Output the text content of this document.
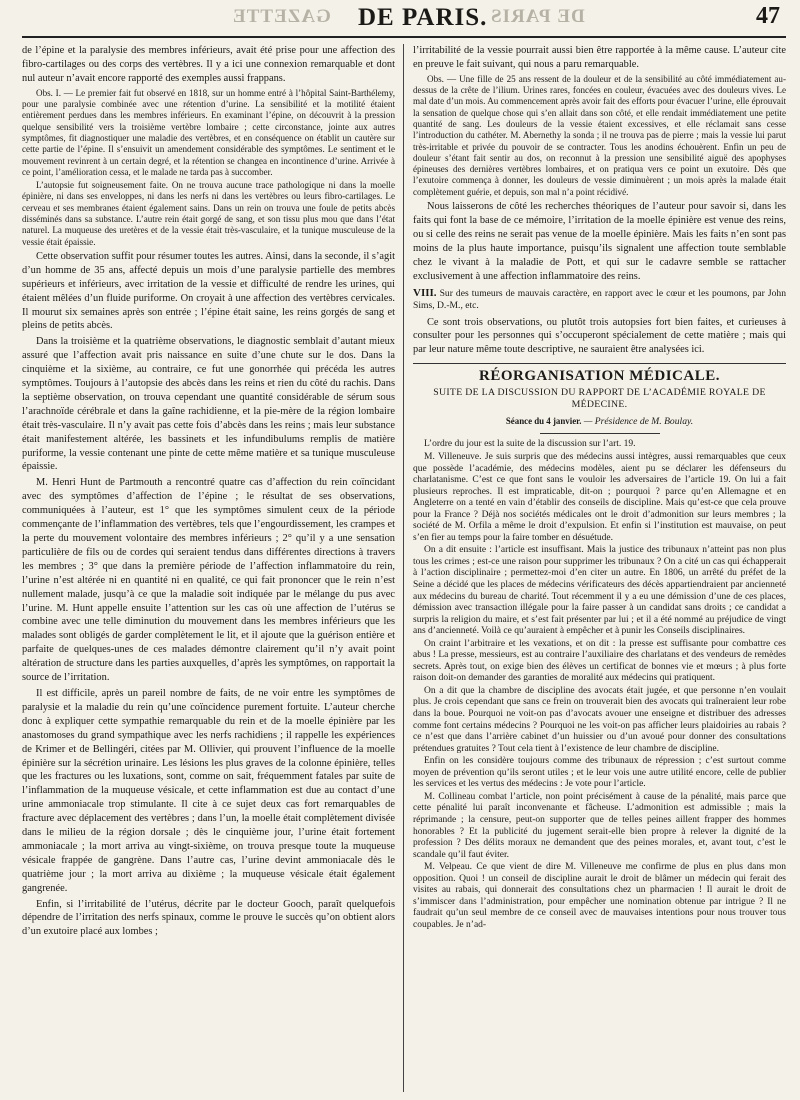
GAZETTE DE PARIS. DE PARIS	47

de l’épine et la paralysie des membres inférieurs, avait été prise pour une affection des fibro-cartilages ou des corps des vertèbres. Il y a ici une connexion remarquable et dont nul auteur n’avait encore rapporté des exemples aussi frappans.

Obs. I. — Le premier fait fut observé en 1818, sur un homme entré à l’hôpital Saint-Barthélemy, pour une paralysie combinée avec une rétention d’urine. La sensibilité et la motilité étaient entièrement perdues dans les membres inférieurs. En examinant l’épine, on découvrit à la pression quelque sensibilité vers la troisième vertèbre lombaire ; cette circonstance, jointe aux autres symptômes, fit diagnostiquer une maladie des vertèbres, et en conséquence on établit un cautère sur cette partie de l’épine. Il s’ensuivit un amendement considérable des symptômes. Le sentiment et le mouvement revinrent à un certain degré, et la rétention se changea en incontinence d’urine. Arrivée à ce point, l’amélioration cessa, et le malade ne tarda pas à succomber.

L’autopsie fut soigneusement faite. On ne trouva aucune trace pathologique ni dans la moelle épinière, ni dans ses enveloppes, ni dans les nerfs ni dans les vertèbres ou leurs fibro-cartilages. Le cerveau et ses membranes étaient également sains. Dans un rein on trouva une foule de petits abcès disséminés dans sa substance. L’autre rein était gorgé de sang, et son tissu plus mou que dans l’état naturel. La muqueuse des uretères et de la vessie était très-vasculaire, et la tunique musculeuse de la vessie était épaissie.

Cette observation suffit pour résumer toutes les autres. Ainsi, dans la seconde, il s’agit d’un homme de 35 ans, affecté depuis un mois d’une paralysie partielle des membres supérieurs et inférieurs, avec irritation de la vessie et difficulté de rendre les urines, qui étaient mêlées d’un fluide puriforme. On croyait à une affection des vertèbres cervicales. Il mourut six semaines après son entrée ; l’épine était saine, les reins gorgés de sang et pleins de petits abcès.

Dans la troisième et la quatrième observations, le diagnostic semblait d’autant mieux assuré que l’affection avait pris naissance en suite d’une chute sur le dos. Dans la cinquième et la sixième, au contraire, ce fut une gonorrhée qui précéda les autres symptômes. Toujours à l’autopsie des abcès dans les reins et rien du côté du rachis. Dans la septième observation, on trouva cependant une quantité considérable de sérum sous l’arachnoïde cérébrale et dans la gaîne rachidienne, et la pie-mère de la région lombaire était très-vasculaire. Il n’y avait pas cette fois d’abcès dans les reins ; mais leur substance était manifestement altérée, les bassinets et les infundibulums remplis de matière puriforme, la vessie contenant une pinte de cette même matière et sa tunique musculeuse épaissie.

M. Henri Hunt de Partmouth a rencontré quatre cas d’affection du rein coïncidant avec des symptômes d’affection de l’épine ; le résultat de ses observations, communiquées à l’auteur, est 1° que les symptômes simulent ceux de la période commençante de l’inflammation des vertèbres, tels que l’engourdissement, les crampes et la perte du mouvement volontaire des membres inférieurs ; 2° qu’il y a une sensation particulière de fils ou de cordes qui seraient tendus dans différentes directions à travers les membres ; 3° que dans la première période de l’affection inflammatoire du rein, l’urine n’est altérée ni en quantité ni en qualité, ce qui fait prononcer que le rein n’est nullement malade, jusqu’à ce que la maladie soit indiquée par le mélange du pus avec l’urine. M. Hunt appelle ensuite l’attention sur les cas où une affection de l’utérus se combine avec une telle diminution du mouvement dans les membres inférieurs que les malades sont obligés de garder complètement le lit, et il ajoute que la guérison entière et parfaite de quelques-unes de ces malades démontre clairement qu’il n’y avait point altération de structure dans les parties auxquelles, d’après les symptômes, on rapportait la source de l’irritation.

Il est difficile, après un pareil nombre de faits, de ne voir entre les symptômes de paralysie et la maladie du rein qu’une coïncidence purement fortuite. L’auteur cherche donc à expliquer cette sympathie remarquable du rein et de la moelle épinière par les anastomoses du grand sympathique avec les nerfs rachidiens ; il rappelle les expériences de Krimer et de Bellingéri, citées par M. Ollivier, qui prouvent l’influence de la moelle épinière sur la sécrétion urinaire. Les lésions les plus graves de la colonne épinière, telles que les fractures ou les luxations, sont, comme on sait, fréquemment fatales par suite de l’inflammation de la muqueuse vésicale, et cette inflammation est due au contact d’une urine ammoniacale trop stimulante. Il cite à ce sujet deux cas fort remarquables de fracture avec déplacement des vertèbres ; dans l’un, la moelle était complètement divisée dans le milieu de la région dorsale ; dès le cinquième jour, l’urine était fortement ammoniacale ; la mort arriva au vingt-sixième, on trouva presque toute la muqueuse vésicale frappée de gangrène. Dans l’autre cas, l’urine devint ammoniacale dès le quatrième jour ; la mort arriva au dixième ; la muqueuse vésicale était également gangrenée.

Enfin, si l’irritabilité de l’utérus, décrite par le docteur Gooch, paraît quelquefois dépendre de l’irritation des nerfs spinaux, comme le prouve le succès qu’on obtient alors d’un exutoire placé aux lombes ;

l’irritabilité de la vessie pourrait aussi bien être rapportée à la même cause. L’auteur cite en preuve le fait suivant, qui nous a paru remarquable.

Obs. — Une fille de 25 ans ressent de la douleur et de la sensibilité au côté immédiatement au-dessus de la crête de l’ilium. Urines rares, foncées en couleur, évacuées avec des douleurs vives. Le mal date d’un mois. Au commencement après avoir fait des efforts pour évacuer l’urine, elle éprouvait la sensation de quelque chose qui s’en allait dans son côté, et elle rendait immédiatement une petite quantité de sang. Les douleurs de la vessie étaient excessives, et elle réclamait sans cesse l’introduction du cathéter. M. Abernethy la sonda ; il ne trouva pas de pierre ; mais la vessie lui parut très-irritable et privée du pouvoir de se contracter. Tous les anodins échouèrent. Enfin un peu de douleur s’étant fait sentir au dos, on reconnut à la pression une sensibilité aiguë des apophyses épineuses des dernières vertèbres lombaires, et on pratiqua vers ce point un exutoire. Dès que l’exutoire commença à donner, les douleurs de vessie diminuèrent ; un mois après la malade était complètement guérie, et depuis, son mal n’a point récidivé.

Nous laisserons de côté les recherches théoriques de l’auteur pour savoir si, dans les faits qui font la base de ce mémoire, l’irritation de la moelle épinière est venue des reins, ou si celle des reins ne serait pas venue de la moelle épinière. Mais les faits n’en sont pas moins de la plus haute importance, puisqu’ils signalent une affection toute semblable chez le vivant à la maladie de Pott, et qui sur le cadavre semble se rattacher exclusivement à une affection inflammatoire des reins.

VIII. Sur des tumeurs de mauvais caractère, en rapport avec le cœur et les poumons, par John Sims, D.-M., etc.

Ce sont trois observations, ou plutôt trois autopsies fort bien faites, et curieuses à consulter pour les personnes qui s’occuperont spécialement de cette matière ; mais qui par leur nature même toute descriptive, ne sauraient être analysées ici.

RÉORGANISATION MÉDICALE.
SUITE DE LA DISCUSSION DU RAPPORT DE L’ACADÉMIE ROYALE DE MÉDECINE.
Séance du 4 janvier. — Présidence de M. Boulay.

L’ordre du jour est la suite de la discussion sur l’art. 19.

M. Villeneuve. Je suis surpris que des médecins aussi intègres, aussi remarquables que ceux que possède l’académie, des médecins modèles, aient pu se déclarer les défenseurs du charlatanisme. C’est ce que font sans le vouloir les adversaires de l’article 19. On lui a fait plusieurs reproches. Il est impraticable, dit-on ; pourquoi ? parce qu’en Allemagne et en Angleterre on a tenté en vain d’établir des conseils de discipline. Mais qu’est-ce que cela prouve pour la France ? Déjà nos sociétés médicales ont le droit d’admonition sur leurs membres ; la société de M. Orfila a même le droit d’expulsion. Et enfin si l’institution est mauvaise, on peut s’en fier au temps pour la faire tomber en désuétude.

On a dit ensuite : l’article est insuffisant. Mais la justice des tribunaux n’atteint pas non plus tous les crimes ; est-ce une raison pour supprimer les tribunaux ? On a cité un cas qui échapperait à l’action disciplinaire ; permettez-moi d’en citer un autre. En 1806, un arrêté du préfet de la Seine a décidé que les places de médecins vérificateurs des décès appartiendraient par ancienneté aux médecins du bureau de charité. Tout récemment il y a eu une démission d’une de ces places, démission avec transaction illégale pour la faire passer à un candidat sans droits ; ce candidat a surpris la religion du maire, et s’est fait présenter par lui ; et il a été nommé au préjudice de vingt ans d’ancienneté. Voilà ce qu’auraient à empêcher et à punir les Conseils disciplinaires.

On craint l’arbitraire et les vexations, et on dit : la presse est suffisante pour combattre ces abus ! La presse, messieurs, est au contraire l’auxiliaire des charlatans et des vendeurs de remèdes secrets. Après tout, on exige bien des élèves un certificat de bonnes vie et mœurs ; à plus forte raison doit-on demander des garanties de moralité aux médecins qui pratiquent.

On a dit que la chambre de discipline des avocats était jugée, et que personne n’en voulait plus. Je crois cependant que sans ce frein on trouverait bien des avocats qui traîneraient leur robe dans la boue. Pourquoi ne voit-on pas d’avocats avouer une enseigne et distribuer des adresses comme font certains médecins ? Pourquoi ne les voit-on pas afficher leurs plaidoiries au rabais ? ce n’est que dans l’arrière cabinet d’un huissier ou d’un avoué pour donner des consultations prétendues gratuites ? Tout cela tient à l’existence de leur chambre de discipline.

Enfin on les considère toujours comme des tribunaux de répression ; c’est surtout comme moyen de prévention qu’ils seront utiles ; et le leur vois une autre utilité encore, celle de publier les services et les vertus des médecins : Je vote pour l’article.

M. Collineau combat l’article, non point précisément à cause de la pénalité, mais parce que cette pénalité lui paraît inconvenante et fâcheuse. L’admonition est admissible ; mais la réprimande ; la censure, peut-on supporter que de telles peines aillent frapper des hommes honorables ? Et la publicité du jugement serait-elle bien propre à relever la dignité de la profession ? Des délits moraux ne demandent que des peines morales, et, avant tout, c’est le scandale qu’il faut éviter.

M. Velpeau. Ce que vient de dire M. Villeneuve me confirme de plus en plus dans mon opposition. Quoi ! un conseil de discipline aurait le droit de blâmer un médecin qui ferait des visites au rabais, qui donnerait des consultations chez un pharmacien ! Il aurait le droit de s’immiscer dans l’administration, pour empêcher une nomination obtenue par intrigue ? Il ne faudrait qu’un seul membre de ce conseil avec de mauvaises intentions pour nous trouver tous coupables. Je n’ad-
